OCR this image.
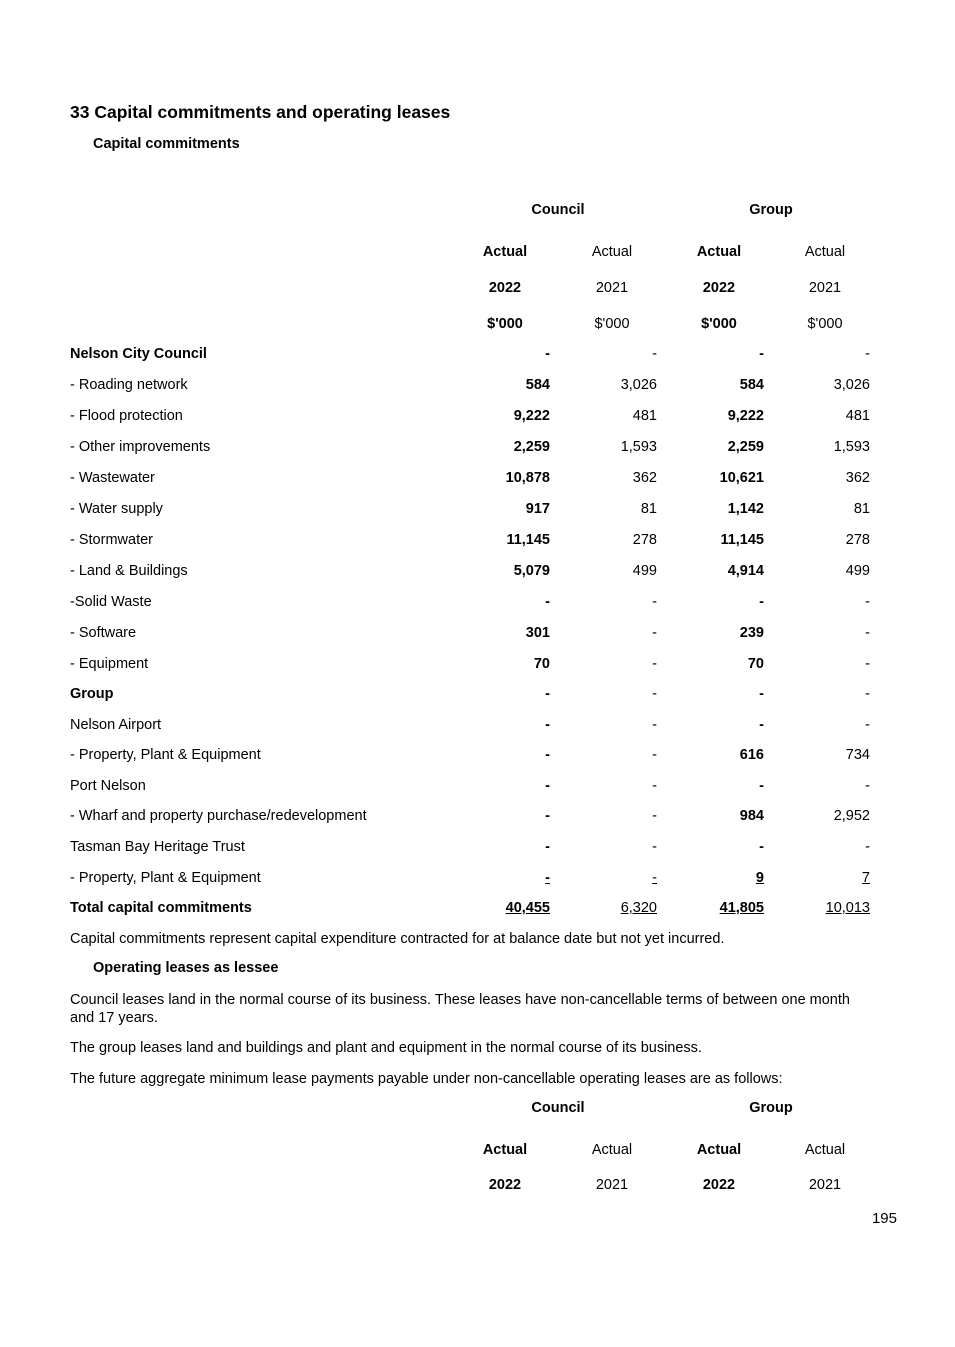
33 Capital commitments and operating leases
Capital commitments
Council	Group
Actual	Actual	Actual	Actual
2022	2021	2022	2021
$'000	$'000	$'000	$'000
Nelson City Council	-	-	-	-
- Roading network	584	3,026	584	3,026
- Flood protection	9,222	481	9,222	481
- Other improvements	2,259	1,593	2,259	1,593
- Wastewater	10,878	362	10,621	362
- Water supply	917	81	1,142	81
- Stormwater	11,145	278	11,145	278
- Land & Buildings	5,079	499	4,914	499
-Solid Waste	-	-	-	-
- Software	301	-	239	-
- Equipment	70	-	70	-
Group	-	-	-	-
Nelson Airport	-	-	-	-
- Property, Plant & Equipment	-	-	616	734
Port Nelson	-	-	-	-
- Wharf and property purchase/redevelopment	-	-	984	2,952
Tasman Bay Heritage Trust	-	-	-	-
- Property, Plant & Equipment	-	-	9	7
Total capital commitments	40,455	6,320	41,805	10,013
Capital commitments represent capital expenditure contracted for at balance date but not yet incurred.
Operating leases as lessee
Council leases land in the normal course of its business. These leases have non-cancellable terms of between one month and 17 years.
The group leases land and buildings and plant and equipment in the normal course of its business.
The future aggregate minimum lease payments payable under non-cancellable operating leases are as follows:
Council	Group
Actual	Actual	Actual	Actual
2022	2021	2022	2021
195
